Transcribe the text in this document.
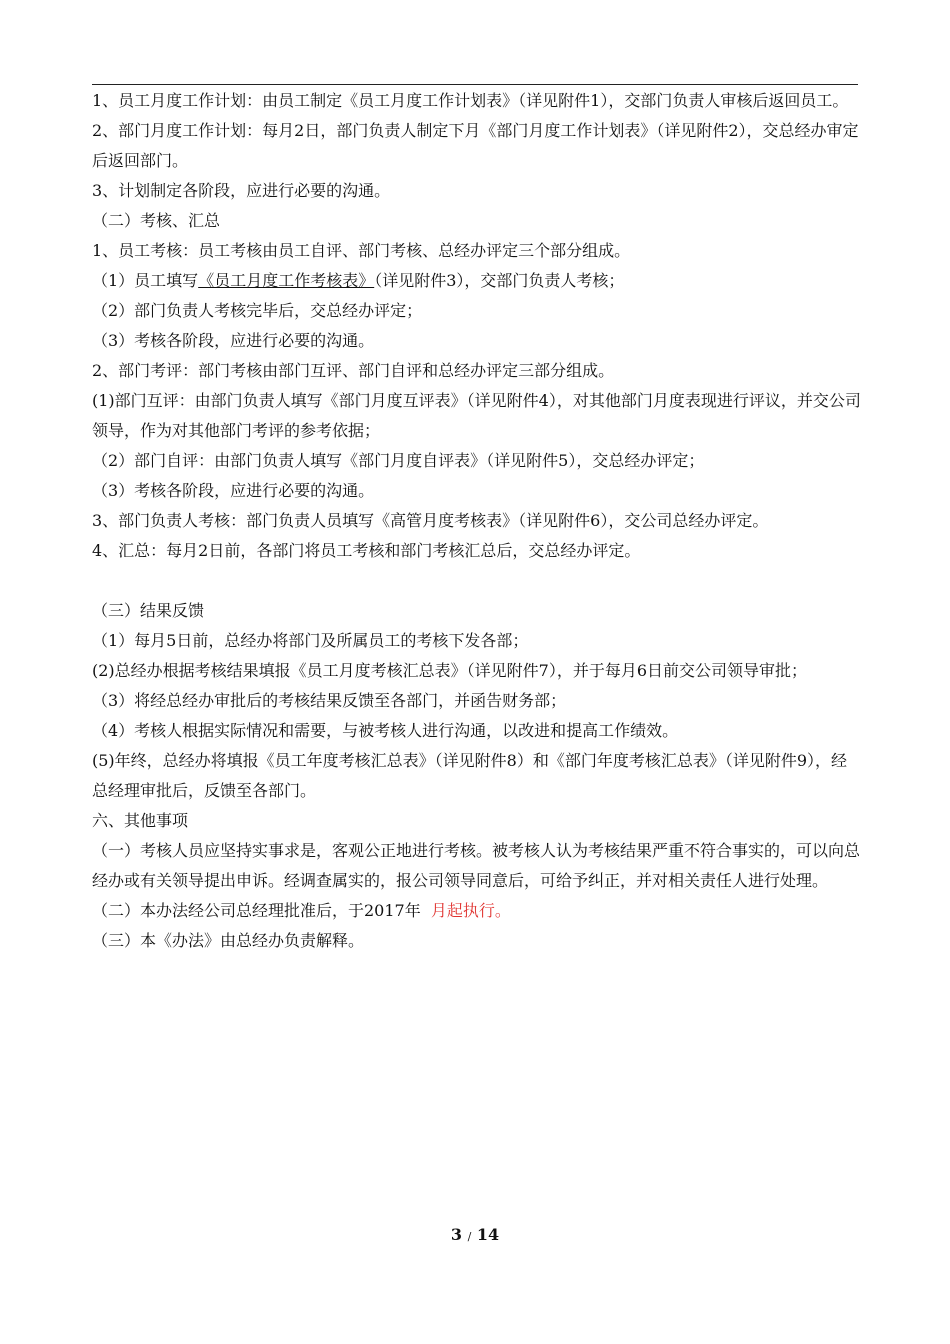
1、员工月度工作计划：由员工制定《员工月度工作计划表》（详见附件1），交部门负责人审核后返回员工。

2、部门月度工作计划：每月2日，部门负责人制定下月《部门月度工作计划表》（详见附件2），交总经办审定后返回部门。

3、计划制定各阶段，应进行必要的沟通。

（二）考核、汇总

1、员工考核：员工考核由员工自评、部门考核、总经办评定三个部分组成。

（1）员工填写《员工月度工作考核表》（详见附件3），交部门负责人考核；

（2）部门负责人考核完毕后，交总经办评定；

（3）考核各阶段，应进行必要的沟通。

2、部门考评：部门考核由部门互评、部门自评和总经办评定三部分组成。

(1)部门互评：由部门负责人填写《部门月度互评表》（详见附件4），对其他部门月度表现进行评议，并交公司领导，作为对其他部门考评的参考依据；

（2）部门自评：由部门负责人填写《部门月度自评表》（详见附件5），交总经办评定；

（3）考核各阶段，应进行必要的沟通。

3、部门负责人考核：部门负责人员填写《高管月度考核表》（详见附件6），交公司总经办评定。

4、汇总：每月2日前，各部门将员工考核和部门考核汇总后，交总经办评定。

（三）结果反馈

（1）每月5日前，总经办将部门及所属员工的考核下发各部；

(2)总经办根据考核结果填报《员工月度考核汇总表》（详见附件7），并于每月6日前交公司领导审批；

（3）将经总经办审批后的考核结果反馈至各部门，并函告财务部；

（4）考核人根据实际情况和需要，与被考核人进行沟通，以改进和提高工作绩效。

(5)年终，总经办将填报《员工年度考核汇总表》（详见附件8）和《部门年度考核汇总表》（详见附件9），经总经理审批后，反馈至各部门。

六、其他事项

（一）考核人员应坚持实事求是，客观公正地进行考核。被考核人认为考核结果严重不符合事实的，可以向总经办或有关领导提出申诉。经调查属实的，报公司领导同意后，可给予纠正，并对相关责任人进行处理。

（二）本办法经公司总经理批准后，于2017年 月起执行。

（三）本《办法》由总经办负责解释。

3 / 14
